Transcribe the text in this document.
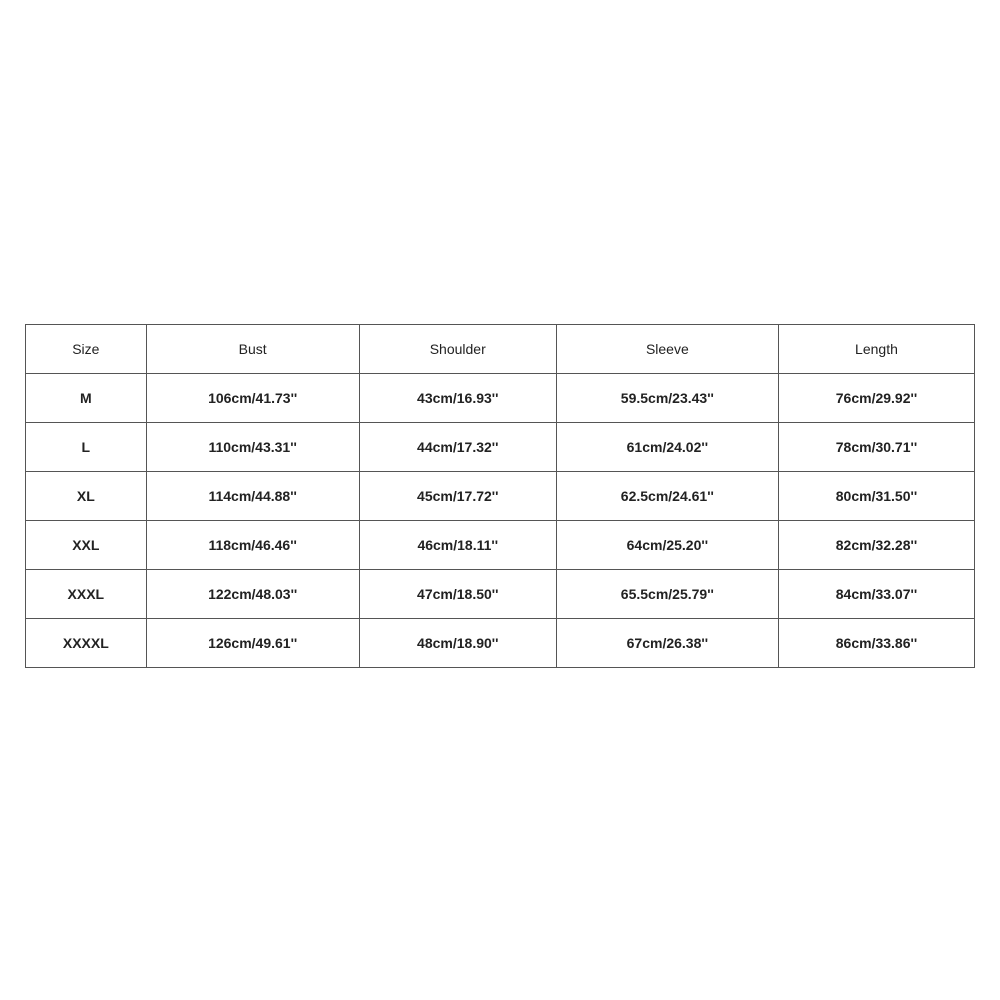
Size	Bust	Shoulder	Sleeve	Length
M	106cm/41.73''	43cm/16.93''	59.5cm/23.43''	76cm/29.92''
L	110cm/43.31''	44cm/17.32''	61cm/24.02''	78cm/30.71''
XL	114cm/44.88''	45cm/17.72''	62.5cm/24.61''	80cm/31.50''
XXL	118cm/46.46''	46cm/18.11''	64cm/25.20''	82cm/32.28''
XXXL	122cm/48.03''	47cm/18.50''	65.5cm/25.79''	84cm/33.07''
XXXXL	126cm/49.61''	48cm/18.90''	67cm/26.38''	86cm/33.86''
